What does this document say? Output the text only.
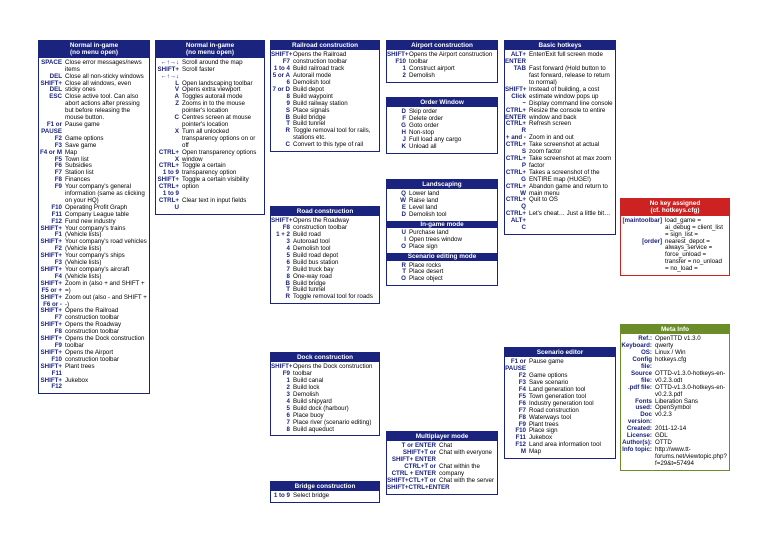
Normal in-game
(no menu open)
SPACE Close error messages/news items
DEL Close all non-sticky windows
SHIFT+ DEL
Close all windows, even sticky ones
ESC Close active tool. Can also abort actions after pressing but before releasing the mouse button.
F1 or PAUSE
Pause game
F2 Game options
F3 Save game
F4 or M Map
F5 Town list
F6 Subsidies
F7 Station list
F8 Finances
F9 Your company's general information (same as clicking on your HQ)
F10 Operating Profit Graph
F11 Company League table
F12 Fund new industry
SHIFT+ F1
Your company's trains (Vehicle lists)
SHIFT+ F2
Your company's road vehicles (Vehicle lists)
SHIFT+ F3
Your company's ships (Vehicle lists)
SHIFT+ F4
Your company's aircraft (Vehicle lists)
SHIFT+ F5 or +
Zoom in (also + and SHIFT + =)
SHIFT+ F6 or -
Zoom out (also - and SHIFT + -)
SHIFT+ F7
Opens the Railroad construction toolbar
SHIFT+ F8
Opens the Roadway construction toolbar
SHIFT+ F9
Opens the Dock construction toolbar
SHIFT+ F10
Opens the Airport construction toolbar
SHIFT+ F11
Plant trees
SHIFT+ F12
Jukebox
Normal in-game
(no menu open)
←↑→↓ Scroll around the map
SHIFT+ ←↑→↓
Scroll faster
L Open landscaping toolbar
V Opens extra viewport
A Toggles autorail mode
Z Zooms in to the mouse pointer's location
C Centres screen at mouse pointer's location
X Turn all unlocked transparency options on or off
CTRL+ X
Open transparency options window
CTRL+ 1 to 9
Toggle a certain transparency option
SHIFT+ CTRL+ 1 to 9
Toggle a certain visibility option
CTRL+ U
Clear text in input fields
Railroad construction
SHIFT+ F7
Opens the Railroad construction toolbar
1 to 4 Build railroad track
5 or A Autorail mode
6 Demolish tool
7 or D Build depot
8 Build waypoint
9 Build railway station
S Place signals
B Build bridge
T Build tunnel
R Toggle removal tool for rails, stations etc.
C Convert to this type of rail
Road construction
SHIFT+ F8
Opens the Roadway construction toolbar
1 + 2 Build road
3 Autoroad tool
4 Demolish tool
5 Build road depot
6 Build bus station
7 Build truck bay
8 One-way road
B Build bridge
T Build tunnel
R Toggle removal tool for roads
Dock construction
SHIFT+ F9
Opens the Dock construction toolbar
1 Build canal
2 Build lock
3 Demolish
4 Build shipyard
5 Build dock (harbour)
6 Place buoy
7 Place river (scenario editing)
8 Build aqueduct
Bridge construction
1 to 9 Select bridge
Airport construction
SHIFT+ F10
Opens the Airport construction toolbar
1 Construct airport
2 Demolish
Order Window
D Skip order
F Delete order
G Goto order
H Non-stop
J Full load any cargo
K Unload all
Landscaping
Q Lower land
W Raise land
E Level land
D Demolish tool
In-game mode
U Purchase land
I Open trees window
O Place sign
Scenario editing mode
R Place rocks
T Place desert
O Place object
Multiplayer mode
T or ENTER Chat
SHIFT+T or SHIFT+ ENTER
Chat with everyone
CTRL+T or CTRL + ENTER
Chat within the company
SHIFT+CTL+T or SHIFT+CTRL+ENTER
Chat with the server
Basic hotkeys
ALT+ ENTER
Enter/Exit full screen mode
TAB Fast forward (Hold button to fast forward, release to return to normal)
SHIFT+ Click
Instead of building, a cost estimate window pops up
~ Display command line console
CTRL+ ENTER
Resize the console to entire window and back
CTRL+ R
Refresh screen
+ and - Zoom in and out
CTRL+ S
Take screenshot at actual zoom factor
CTRL+ P
Take screenshot at max zoom factor
CTRL+ G
Takes a screenshot of the ENTIRE map (HUGE!)
CTRL+ W
Abandon game and return to main menu
CTRL+ Q
Quit to OS
CTRL+ ALT+ C
Let's cheat… Just a little bit…
No key assigned
(cf. hotkeys.cfg)
[maintoolbar] load_game = ai_debug = client_list = sign_list =
[order] nearest_depot = always_service = force_unload = transfer = no_unload = no_load =
Scenario editor
F1 or PAUSE
Pause game
F2 Game options
F3 Save scenario
F4 Land generation tool
F5 Town generation tool
F6 Industry generation tool
F7 Road construction
F8 Waterways tool
F9 Plant trees
F10 Place sign
F11 Jukebox
F12 Land area information tool
M Map
Meta Info
Ref.: OpenTTD v1.3.0
Keyboard: qwerty
OS: Linux / Win
Config file:
hotkeys.cfg
Source file:
OTTD-v1.3.0-hotkeys-en-v0.2.3.odt
.pdf file: OTTD-v1.3.0-hotkeys-en-v0.2.3.pdf
Fonts used:
Liberation Sans OpenSymbol
Doc version:
v0.2.3
Created: 2011-12-14
License: GDL
Author(s): OTTD
Info topic: http://www.tt-forums.net/viewtopic.php?f=29&t=57494
